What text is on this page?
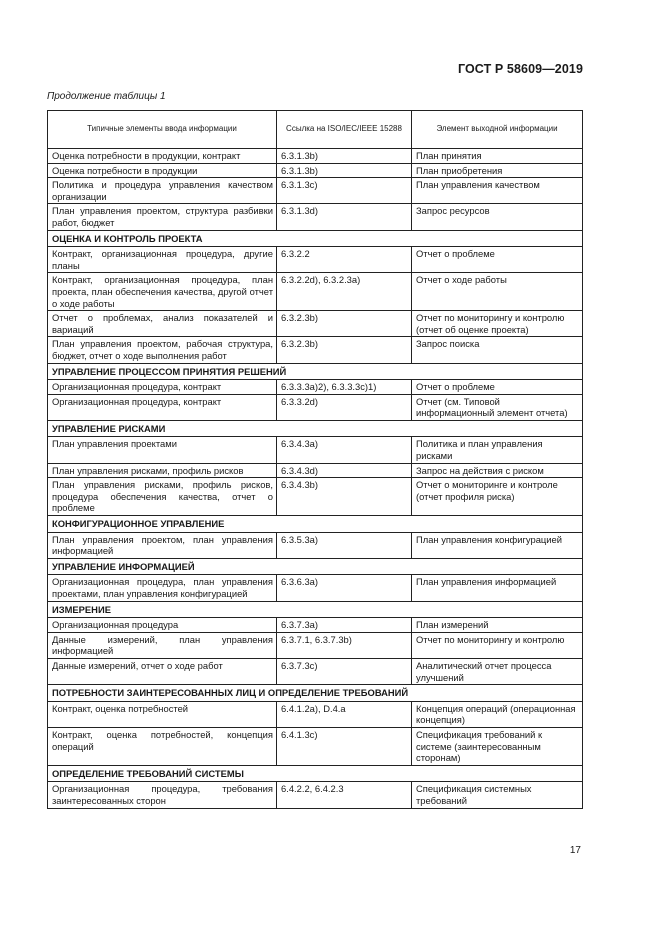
ГОСТ Р 58609—2019
Продолжение таблицы 1
Типичные элементы ввода информации	Ссылка на ISO/IEC/IEEE 15288	Элемент выходной информации
Оценка потребности в продукции, контракт	6.3.1.3b)	План принятия
Оценка потребности в продукции	6.3.1.3b)	План приобретения
Политика и процедура управления качеством организации	6.3.1.3c)	План управления качеством
План управления проектом, структура разбивки работ, бюджет	6.3.1.3d)	Запрос ресурсов
ОЦЕНКА И КОНТРОЛЬ ПРОЕКТА		
Контракт, организационная процедура, другие планы	6.3.2.2	Отчет о проблеме
Контракт, организационная процедура, план проекта, план обеспечения качества, другой отчет о ходе работы	6.3.2.2d), 6.3.2.3a)	Отчет о ходе работы
Отчет о проблемах, анализ показателей и вариаций	6.3.2.3b)	Отчет по мониторингу и контролю (отчет об оценке проекта)
План управления проектом, рабочая структура, бюджет, отчет о ходе выполнения работ	6.3.2.3b)	Запрос поиска
УПРАВЛЕНИЕ ПРОЦЕССОМ ПРИНЯТИЯ РЕШЕНИЙ		
Организационная процедура, контракт	6.3.3.3a)2), 6.3.3.3c)1)	Отчет о проблеме
Организационная процедура, контракт	6.3.3.2d)	Отчет (см. Типовой информационный элемент отчета)
УПРАВЛЕНИЕ РИСКАМИ		
План управления проектами	6.3.4.3a)	Политика и план управления рисками
План управления рисками, профиль рисков	6.3.4.3d)	Запрос на действия с риском
План управления рисками, профиль рисков, процедура обеспечения качества, отчет о проблеме	6.3.4.3b)	Отчет о мониторинге и контроле (отчет профиля риска)
КОНФИГУРАЦИОННОЕ УПРАВЛЕНИЕ		
План управления проектом, план управления информацией	6.3.5.3a)	План управления конфигурацией
УПРАВЛЕНИЕ ИНФОРМАЦИЕЙ		
Организационная процедура, план управления проектами, план управления конфигурацией	6.3.6.3a)	План управления информацией
ИЗМЕРЕНИЕ		
Организационная процедура	6.3.7.3a)	План измерений
Данные измерений, план управления информацией	6.3.7.1, 6.3.7.3b)	Отчет по мониторингу и контролю
Данные измерений, отчет о ходе работ	6.3.7.3c)	Аналитический отчет процесса улучшений
ПОТРЕБНОСТИ ЗАИНТЕРЕСОВАННЫХ ЛИЦ И ОПРЕДЕЛЕНИЕ ТРЕБОВАНИЙ		
Контракт, оценка потребностей	6.4.1.2a), D.4.a	Концепция операций (операционная концепция)
Контракт, оценка потребностей, концепция операций	6.4.1.3c)	Спецификация требований к системе (заинтересованным сторонам)
ОПРЕДЕЛЕНИЕ ТРЕБОВАНИЙ СИСТЕМЫ		
Организационная процедура, требования заинтересованных сторон	6.4.2.2, 6.4.2.3	Спецификация системных требований
17
